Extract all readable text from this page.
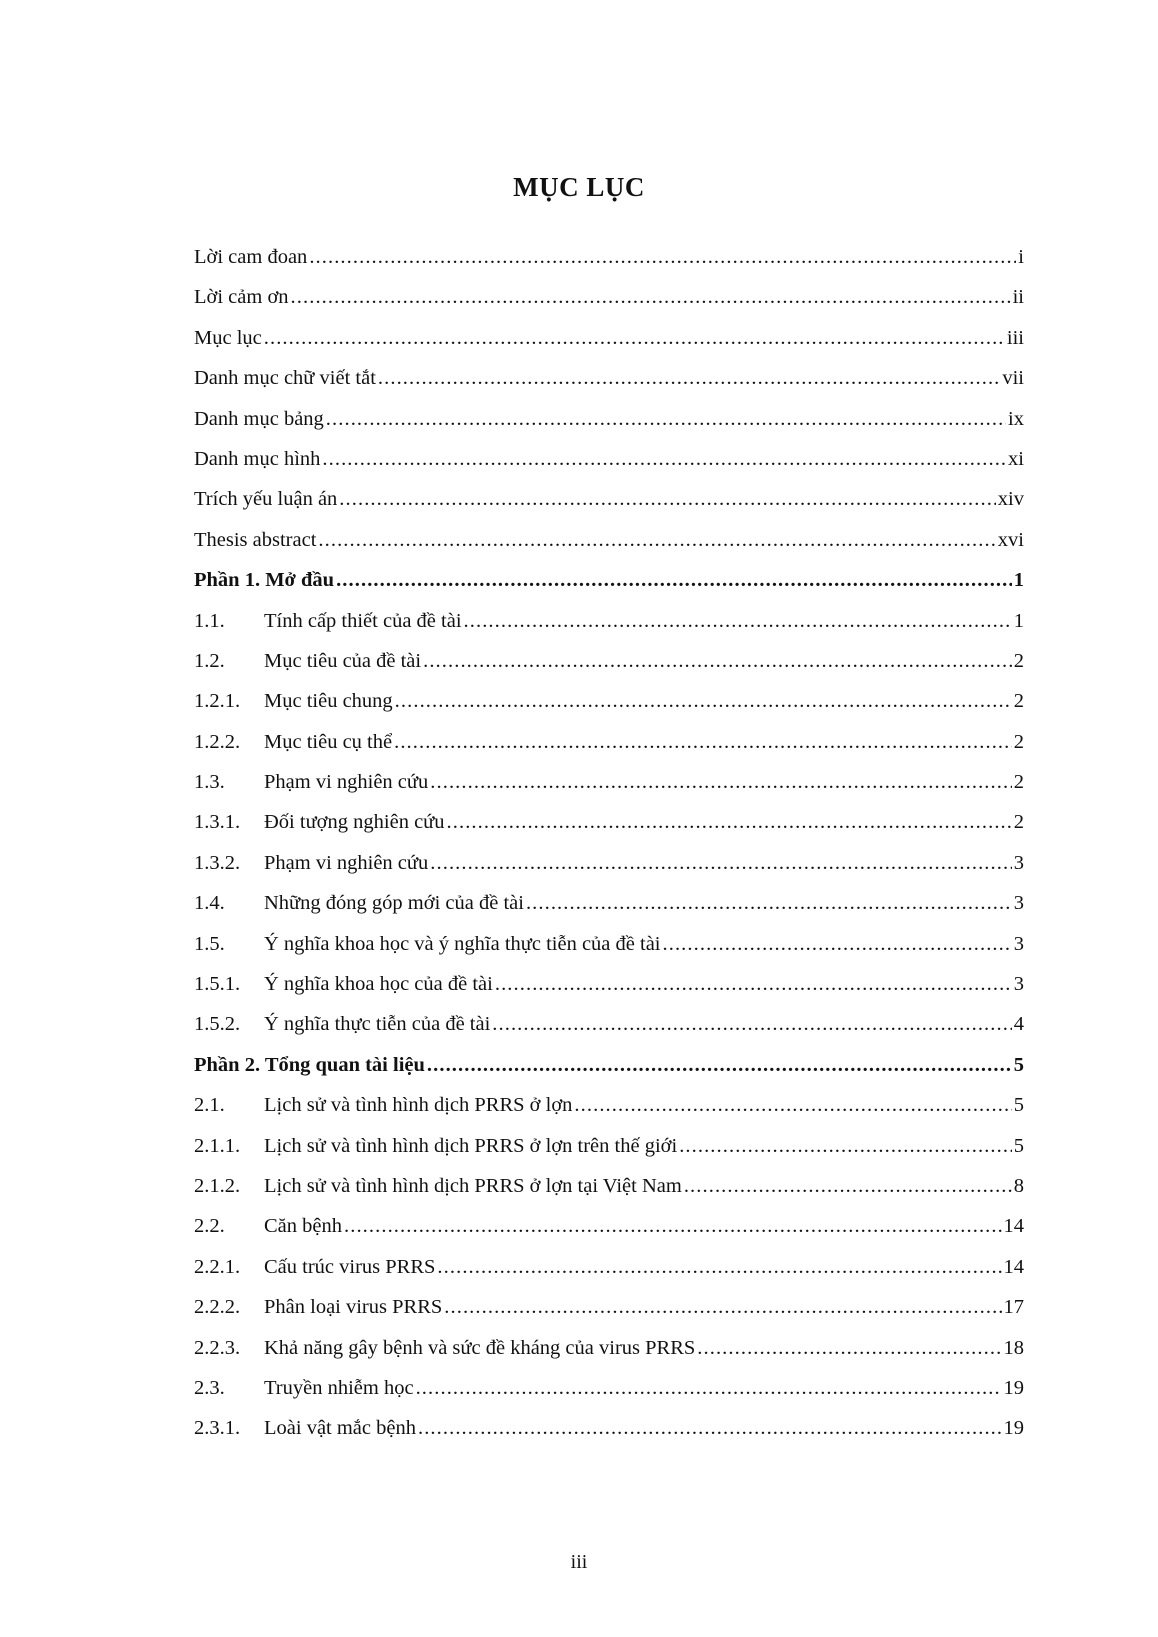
MỤC LỤC
Lời cam đoan .....	i
Lời cảm ơn .....	ii
Mục lục .....	iii
Danh mục chữ viết tắt .....	vii
Danh mục bảng .....	ix
Danh mục hình .....	xi
Trích yếu luận án .....	xiv
Thesis abstract .....	xvi
Phần 1. Mở đầu .....	1
1.1.	Tính cấp thiết của đề tài .....	1
1.2.	Mục tiêu của đề tài .....	2
1.2.1.	Mục tiêu chung .....	2
1.2.2.	Mục tiêu cụ thể .....	2
1.3.	Phạm vi nghiên cứu .....	2
1.3.1.	Đối tượng nghiên cứu .....	2
1.3.2.	Phạm vi nghiên cứu .....	3
1.4.	Những đóng góp mới của đề tài .....	3
1.5.	Ý nghĩa khoa học và ý nghĩa thực tiễn của đề tài .....	3
1.5.1.	Ý nghĩa khoa học của đề tài .....	3
1.5.2.	Ý nghĩa thực tiễn của đề tài .....	4
Phần 2. Tổng quan tài liệu .....	5
2.1.	Lịch sử và tình hình dịch PRRS ở lợn .....	5
2.1.1.	Lịch sử và tình hình dịch PRRS ở lợn trên thế giới .....	5
2.1.2.	Lịch sử và tình hình dịch PRRS ở lợn tại Việt Nam .....	8
2.2.	Căn bệnh .....	14
2.2.1.	Cấu trúc virus PRRS .....	14
2.2.2.	Phân loại virus PRRS .....	17
2.2.3.	Khả năng gây bệnh và sức đề kháng của virus PRRS .....	18
2.3.	Truyền nhiễm học .....	19
2.3.1.	Loài vật mắc bệnh .....	19
iii
